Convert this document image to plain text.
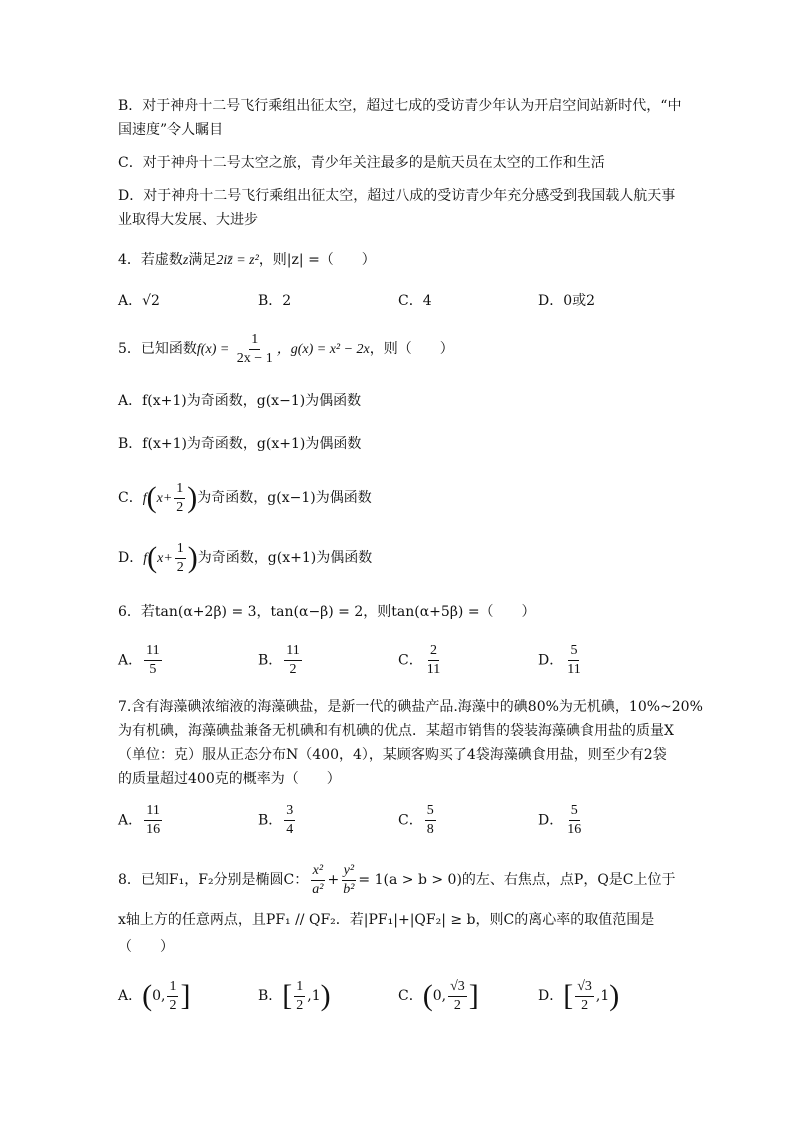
B．对于神舟十二号飞行乘组出征太空，超过七成的受访青少年认为开启空间站新时代，“中
国速度”令人瞩目
C．对于神舟十二号太空之旅，青少年关注最多的是航天员在太空的工作和生活
D．对于神舟十二号飞行乘组出征太空，超过八成的受访青少年充分感受到我国载人航天事
业取得大发展、大进步
4．若虚数z满足2iz̄ = z²，则|z| =（　　）
A．√2	B．2	C．4	D．0或2
5．已知函数$f(x) = \frac{1}{2x - 1}$ ，g(x) = x² − 2x，则（　　）
A．f(x+1)为奇函数，g(x−1)为偶函数
B．f(x+1)为奇函数，g(x+1)为偶函数
C．$f(x+ \frac{1}{2}$ )为奇函数，g(x−1)为偶函数
D．$f(x+ \frac{1}{2}$ )为奇函数，g(x+1)为偶函数
6．若tan(α+2β) = 3，tan(α−β) = 2，则tan(α+5β) =（　　）
A． $\frac{11}{5}$	B． $\frac{11}{2}$	C． $\frac{2}{11}$	D． $\frac{5}{11}$
7.含有海藻碘浓缩液的海藻碘盐，是新一代的碘盐产品.海藻中的碘80%为无机碘，10%~20%
为有机碘，海藻碘盐兼备无机碘和有机碘的优点．某超市销售的袋装海藻碘食用盐的质量X
（单位：克）服从正态分布N（400，4），某顾客购买了4袋海藻碘食用盐，则至少有2袋
的质量超过400克的概率为（　　）
A． $\frac{11}{16}$	B． $\frac{3}{4}$	C． $\frac{5}{8}$	D． $\frac{5}{16}$
8．已知F₁，F₂分别是椭圆C： $\frac{\text{x²}}{\text{a²}} + \frac{\text{y²}}{\text{b²}} = 1(a > b > 0)$的左、右焦点，点P，Q是C上位于
x轴上方的任意两点，且PF₁ // QF₂．若|PF₁|+|QF₂| ≥ b，则C的离心率的取值范围是
（　　）
A．(0, $\frac{1}{2}$ ]	B．[ $\frac{1}{2} ,1$)	C．(0, $\frac{√3}{2}$ ]	D．[ $\frac{√3}{2} ,1$)
